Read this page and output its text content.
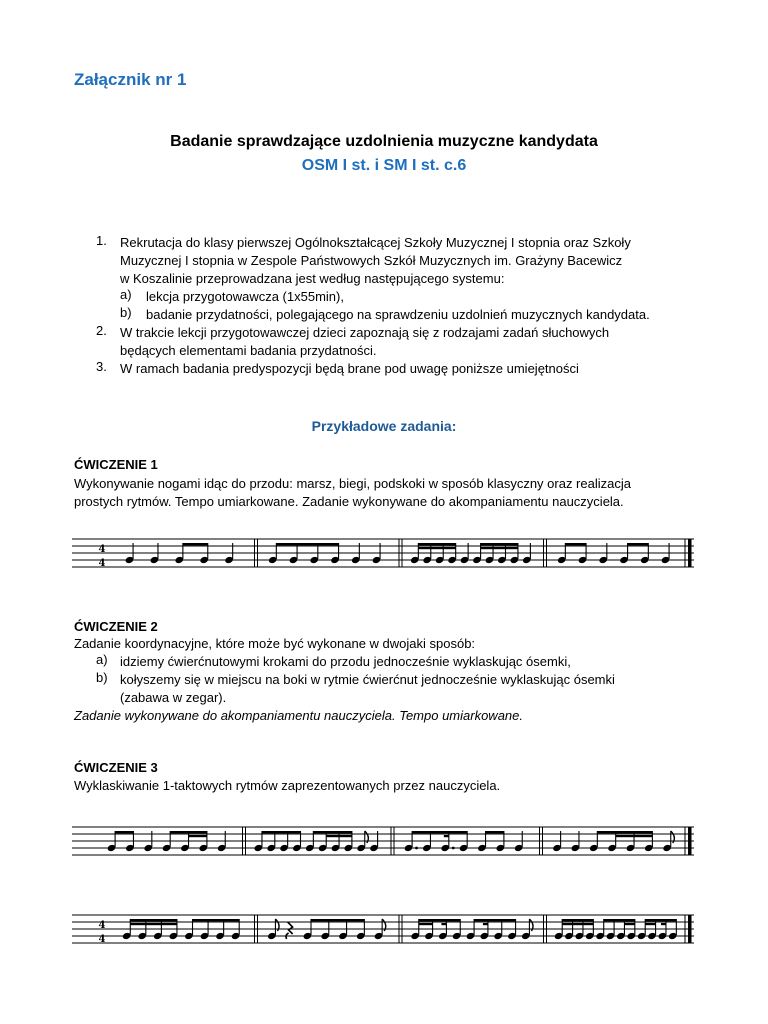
Załącznik nr 1
Badanie sprawdzające uzdolnienia muzyczne kandydata
OSM I st. i SM I st. c.6
1. Rekrutacja do klasy pierwszej Ogólnokształcącej Szkoły Muzycznej I stopnia oraz Szkoły
Muzycznej I stopnia w Zespole Państwowych Szkół Muzycznych im. Grażyny Bacewicz
w Koszalinie przeprowadzana jest według następującego systemu:
a) lekcja przygotowawcza (1x55min),
b) badanie przydatności, polegającego na sprawdzeniu uzdolnień muzycznych kandydata.
2. W trakcie lekcji przygotowawczej dzieci zapoznają się z rodzajami zadań słuchowych
będących elementami badania przydatności.
3. W ramach badania predyspozycji będą brane pod uwagę poniższe umiejętności
Przykładowe zadania:
ĆWICZENIE 1
Wykonywanie nogami idąc do przodu: marsz, biegi, podskoki w sposób klasyczny oraz realizacja
prostych rytmów. Tempo umiarkowane. Zadanie wykonywane do akompaniamentu nauczyciela.
4
4
ĆWICZENIE 2
Zadanie koordynacyjne, które może być wykonane w dwojaki sposób:
a) idziemy ćwierćnutowymi krokami do przodu jednocześnie wyklaskując ósemki,
b) kołyszemy się w miejscu na boki w rytmie ćwierćnut jednocześnie wyklaskując ósemki
(zabawa w zegar).
Zadanie wykonywane do akompaniamentu nauczyciela. Tempo umiarkowane.
ĆWICZENIE 3
Wyklaskiwanie 1-taktowych rytmów zaprezentowanych przez nauczyciela.
4
4
